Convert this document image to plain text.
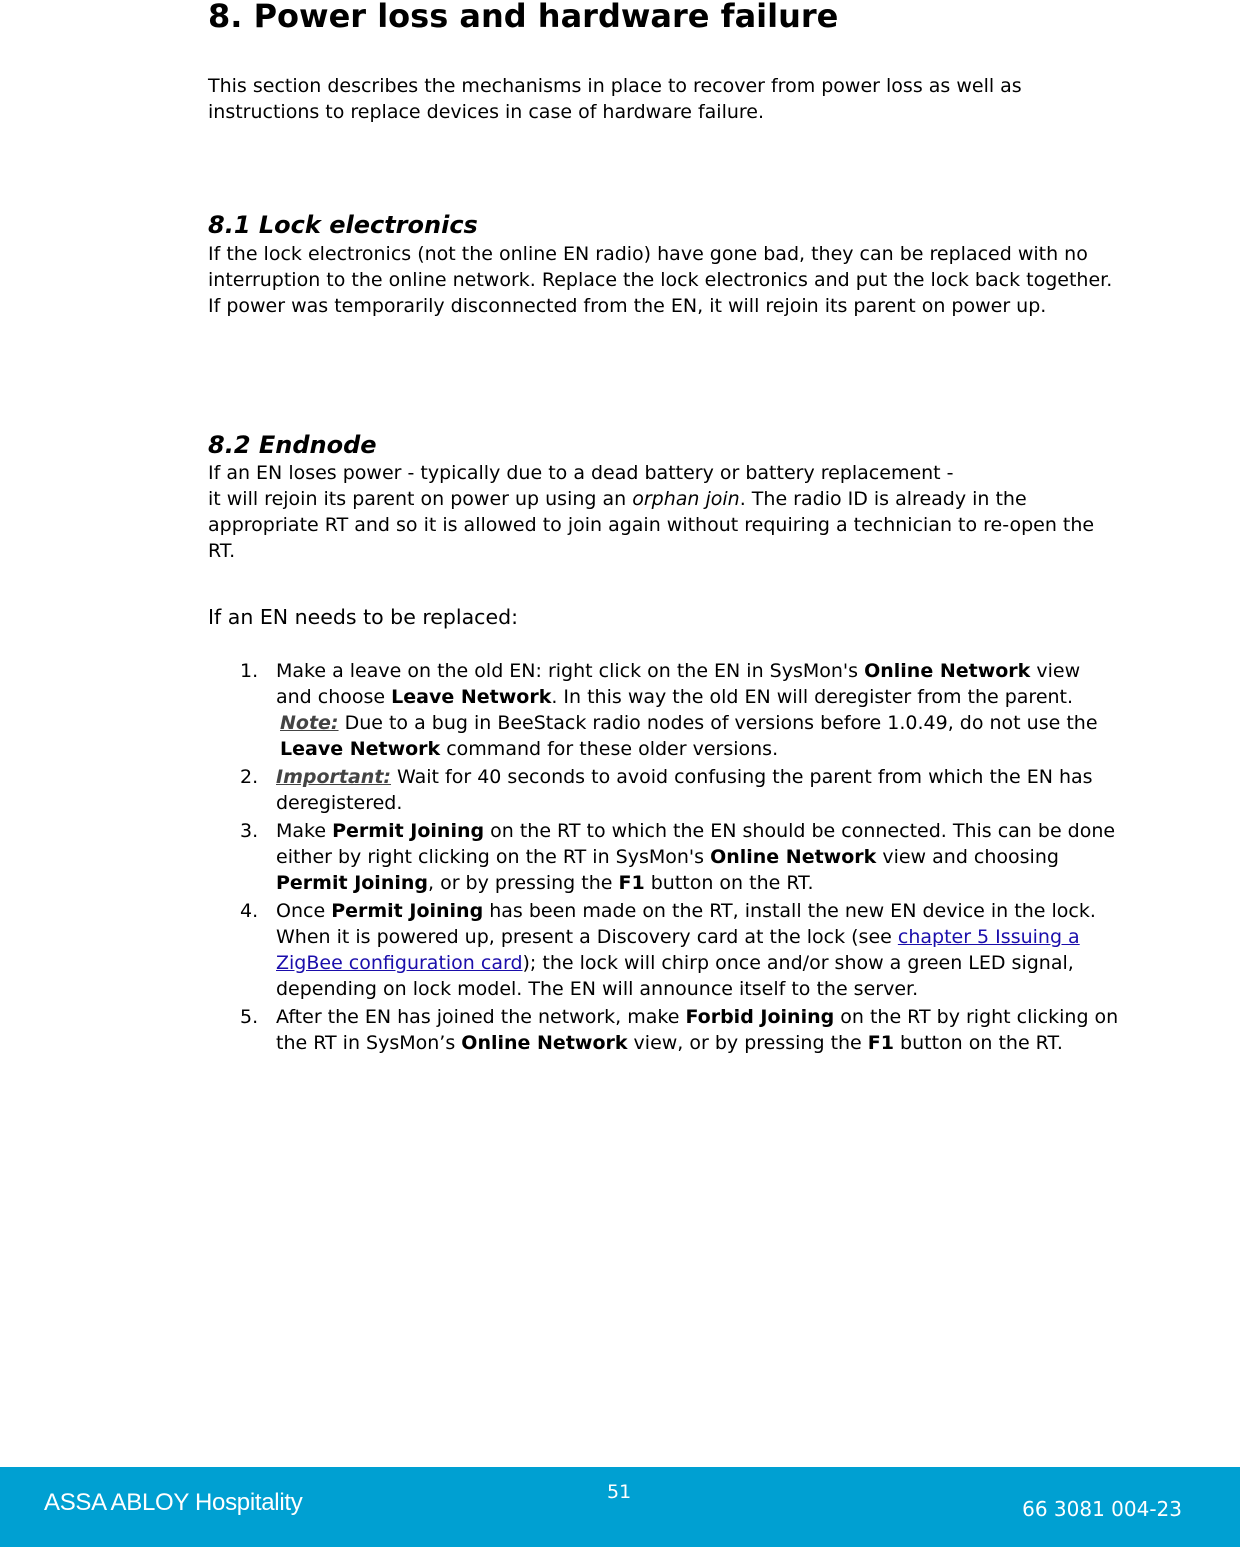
8. Power loss and hardware failure

This section describes the mechanisms in place to recover from power loss as well as instructions to replace devices in case of hardware failure.

8.1 Lock electronics

If the lock electronics (not the online EN radio) have gone bad, they can be replaced with no interruption to the online network. Replace the lock electronics and put the lock back together. If power was temporarily disconnected from the EN, it will rejoin its parent on power up.

8.2 Endnode

If an EN loses power - typically due to a dead battery or battery replacement -
it will rejoin its parent on power up using an orphan join. The radio ID is already in the appropriate RT and so it is allowed to join again without requiring a technician to re-open the RT.

If an EN needs to be replaced:

1. Make a leave on the old EN: right click on the EN in SysMon's Online Network view and choose Leave Network. In this way the old EN will deregister from the parent.
Note: Due to a bug in BeeStack radio nodes of versions before 1.0.49, do not use the Leave Network command for these older versions.
2. Important: Wait for 40 seconds to avoid confusing the parent from which the EN has deregistered.
3. Make Permit Joining on the RT to which the EN should be connected. This can be done either by right clicking on the RT in SysMon's Online Network view and choosing Permit Joining, or by pressing the F1 button on the RT.
4. Once Permit Joining has been made on the RT, install the new EN device in the lock. When it is powered up, present a Discovery card at the lock (see chapter 5 Issuing a ZigBee configuration card); the lock will chirp once and/or show a green LED signal, depending on lock model. The EN will announce itself to the server.
5. After the EN has joined the network, make Forbid Joining on the RT by right clicking on the RT in SysMon’s Online Network view, or by pressing the F1 button on the RT.
ASSA ABLOY Hospitality	51
66 3081 004-23
